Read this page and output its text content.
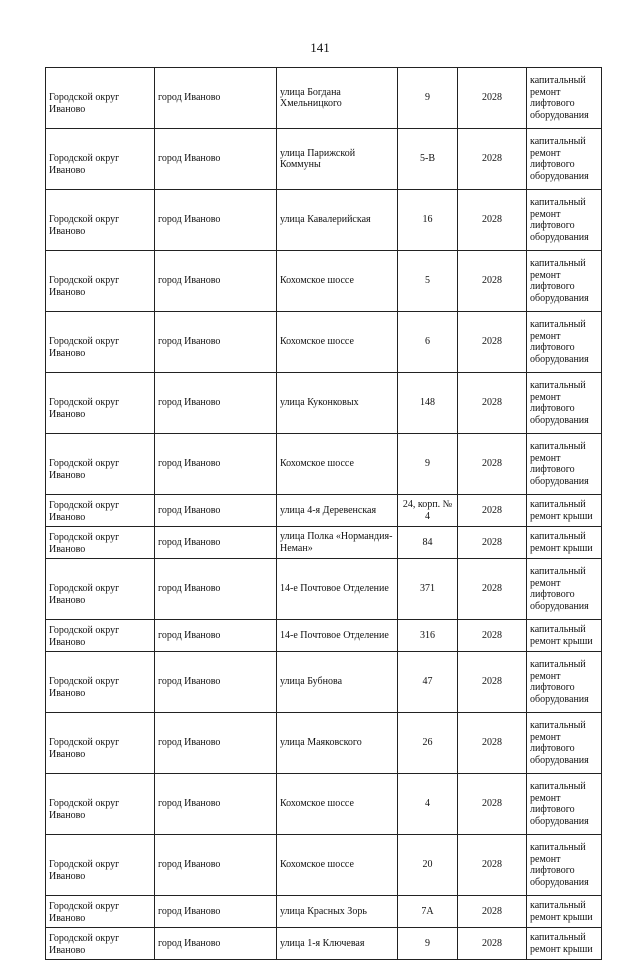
141
Городской округ Иваново	город Иваново	улица Богдана Хмельницкого	9	2028	капитальный ремонт лифтового оборудования
Городской округ Иваново	город Иваново	улица Парижской Коммуны	5-В	2028	капитальный ремонт лифтового оборудования
Городской округ Иваново	город Иваново	улица Кавалерийская	16	2028	капитальный ремонт лифтового оборудования
Городской округ Иваново	город Иваново	Кохомское шоссе	5	2028	капитальный ремонт лифтового оборудования
Городской округ Иваново	город Иваново	Кохомское шоссе	6	2028	капитальный ремонт лифтового оборудования
Городской округ Иваново	город Иваново	улица Куконковых	148	2028	капитальный ремонт лифтового оборудования
Городской округ Иваново	город Иваново	Кохомское шоссе	9	2028	капитальный ремонт лифтового оборудования
Городской округ Иваново	город Иваново	улица 4-я Деревенская	24, корп. № 4	2028	капитальный ремонт крыши
Городской округ Иваново	город Иваново	улица Полка «Нормандия-Неман»	84	2028	капитальный ремонт крыши
Городской округ Иваново	город Иваново	14-е Почтовое Отделение	371	2028	капитальный ремонт лифтового оборудования
Городской округ Иваново	город Иваново	14-е Почтовое Отделение	316	2028	капитальный ремонт крыши
Городской округ Иваново	город Иваново	улица Бубнова	47	2028	капитальный ремонт лифтового оборудования
Городской округ Иваново	город Иваново	улица Маяковского	26	2028	капитальный ремонт лифтового оборудования
Городской округ Иваново	город Иваново	Кохомское шоссе	4	2028	капитальный ремонт лифтового оборудования
Городской округ Иваново	город Иваново	Кохомское шоссе	20	2028	капитальный ремонт лифтового оборудования
Городской округ Иваново	город Иваново	улица Красных Зорь	7А	2028	капитальный ремонт крыши
Городской округ Иваново	город Иваново	улица 1-я Ключевая	9	2028	капитальный ремонт крыши
